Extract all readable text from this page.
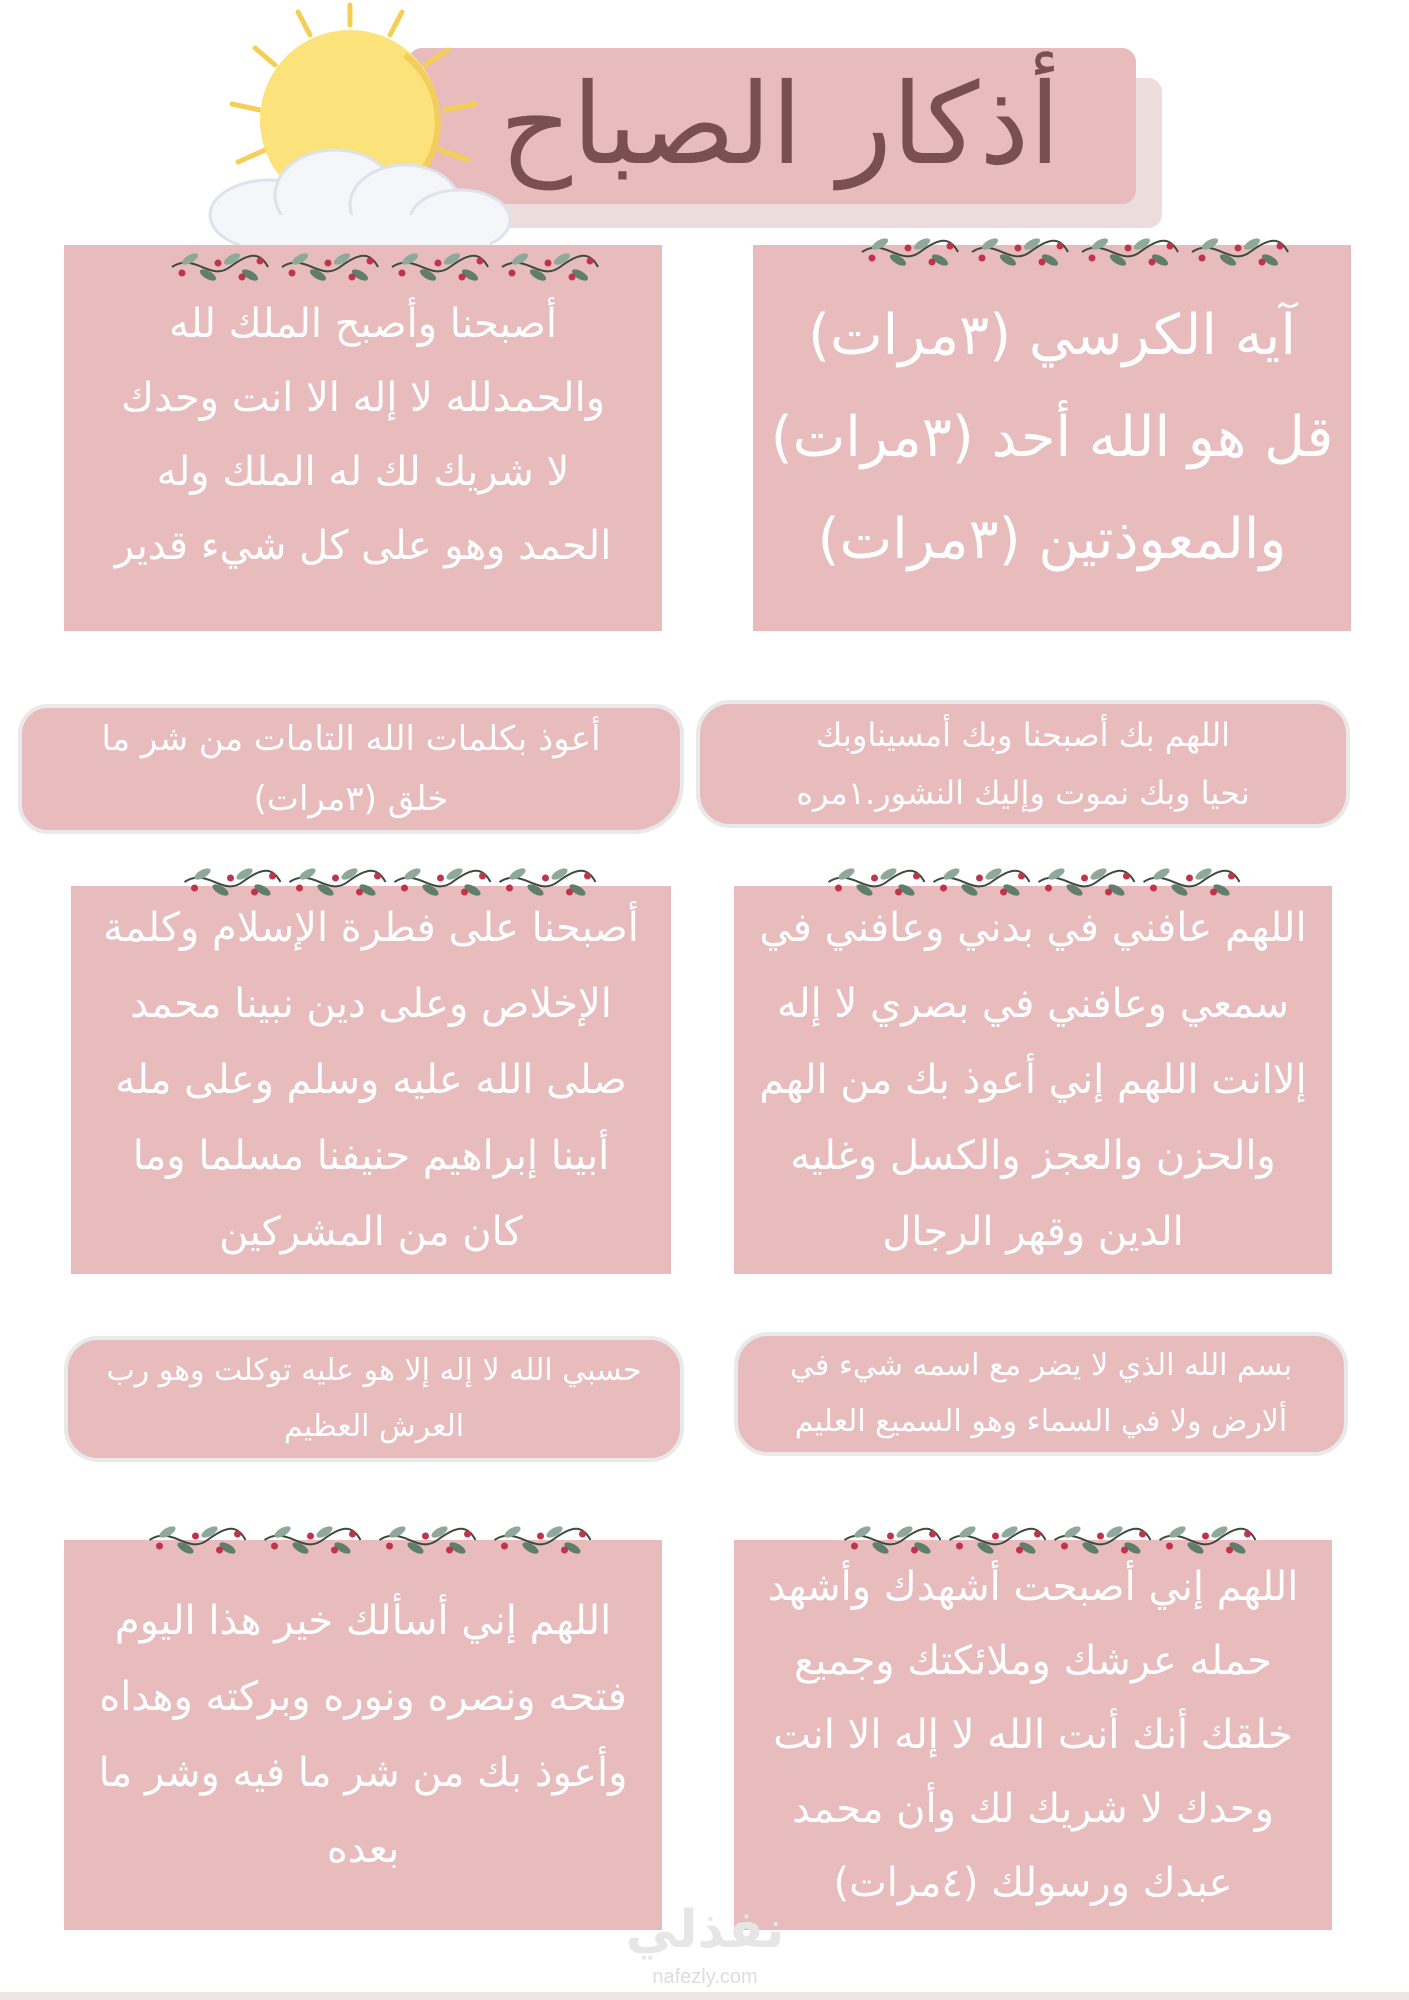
أذكار الصباح
أصبحنا وأصبح الملك لله
والحمدلله لا إله الا انت وحدك
لا شريك لك له الملك وله
الحمد وهو على كل شيء قدير
آيه الكرسي (٣مرات)
قل هو الله أحد (٣مرات)
والمعوذتين (٣مرات)
أعوذ بكلمات الله التامات من شر ما
خلق (٣مرات)
اللهم بك أصبحنا وبك أمسيناوبك
نحيا وبك نموت وإليك النشور.١مره
أصبحنا على فطرة الإسلام وكلمة
الإخلاص وعلى دين نبينا محمد
صلى الله عليه وسلم وعلى مله
أبينا إبراهيم حنيفنا مسلما وما
كان من المشركين
اللهم عافني في بدني وعافني في
سمعي وعافني في بصري لا إله
إلاانت اللهم إني أعوذ بك من الهم
والحزن والعجز والكسل وغليه
الدين وقهر الرجال
حسبي الله لا إله إلا هو عليه توكلت وهو رب
العرش العظيم
بسم الله الذي لا يضر مع اسمه شيء في
ألارض ولا في السماء وهو السميع العليم
اللهم إني أسألك خير هذا اليوم
فتحه ونصره ونوره وبركته وهداه
وأعوذ بك من شر ما فيه وشر ما
بعده
اللهم إني أصبحت أشهدك وأشهد
حمله عرشك وملائكتك وجميع
خلقك أنك أنت الله لا إله الا انت
وحدك لا شريك لك وأن محمد
عبدك ورسولك (٤مرات)
نفذلي
nafezly.com
